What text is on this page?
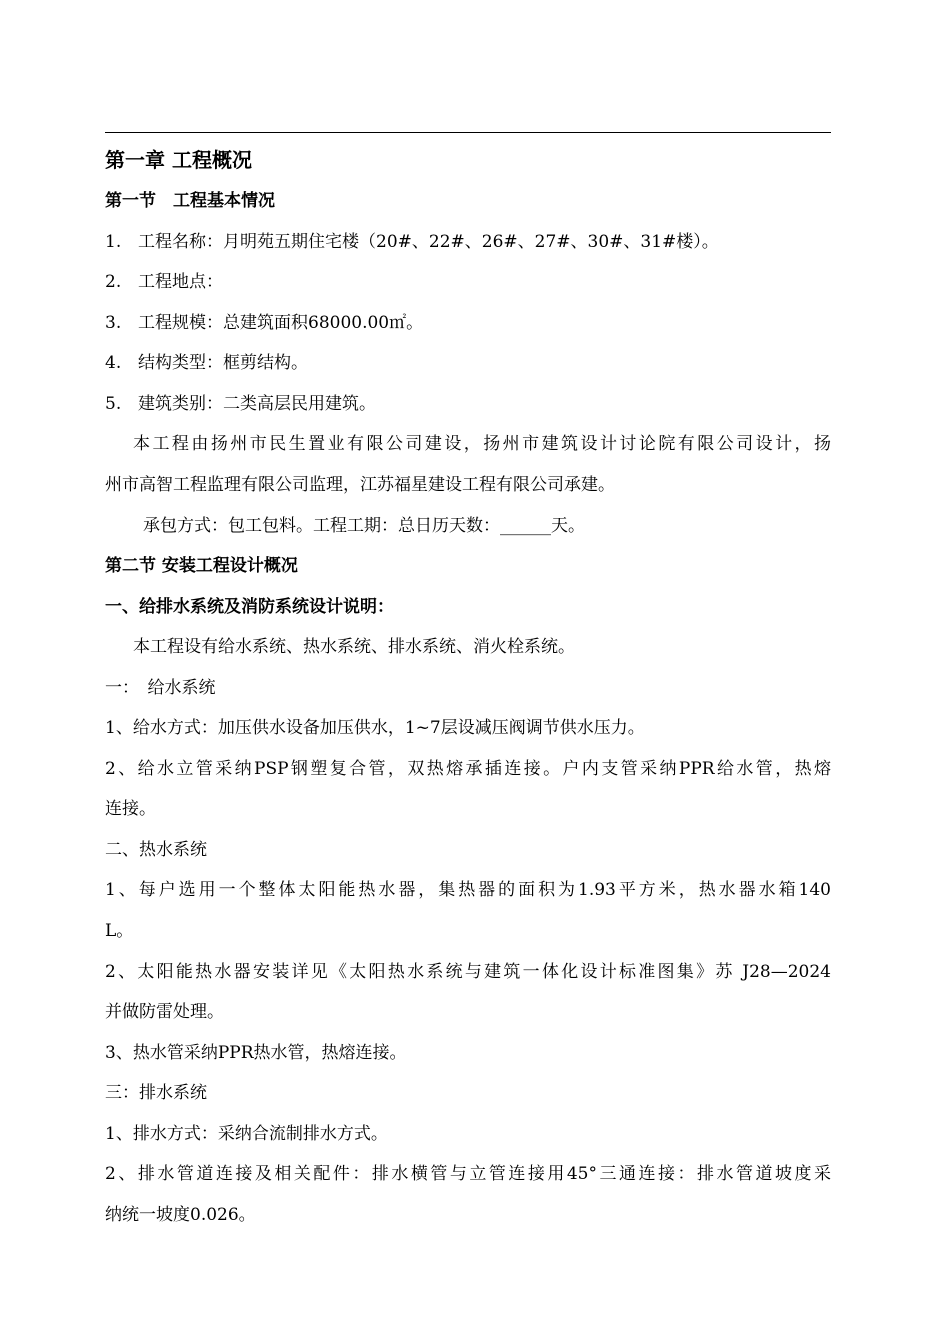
第一章 工程概况
第一节　工程基本情况
1. 工程名称：月明苑五期住宅楼（20#、22#、26#、27#、30#、31#楼）。
2. 工程地点：
3. 工程规模：总建筑面积68000.00㎡。
4. 结构类型：框剪结构。
5. 建筑类别：二类高层民用建筑。
本工程由扬州市民生置业有限公司建设，扬州市建筑设计讨论院有限公司设计，扬
州市高智工程监理有限公司监理，江苏福星建设工程有限公司承建。
承包方式：包工包料。工程工期：总日历天数：______天。
第二节 安装工程设计概况
一、给排水系统及消防系统设计说明：
本工程设有给水系统、热水系统、排水系统、消火栓系统。
一：　给水系统
1、给水方式：加压供水设备加压供水，1~7层设减压阀调节供水压力。
2、给水立管采纳PSP钢塑复合管，双热熔承插连接。户内支管采纳PPR给水管，热熔
连接。
二、热水系统
1、每户选用一个整体太阳能热水器，集热器的面积为1.93平方米，热水器水箱140
L。
2、太阳能热水器安装详见《太阳热水系统与建筑一体化设计标准图集》苏 J28—2024
并做防雷处理。
3、热水管采纳PPR热水管，热熔连接。
三：排水系统
1、排水方式：采纳合流制排水方式。
2、排水管道连接及相关配件：排水横管与立管连接用45°三通连接：排水管道坡度采
纳统一坡度0.026。
